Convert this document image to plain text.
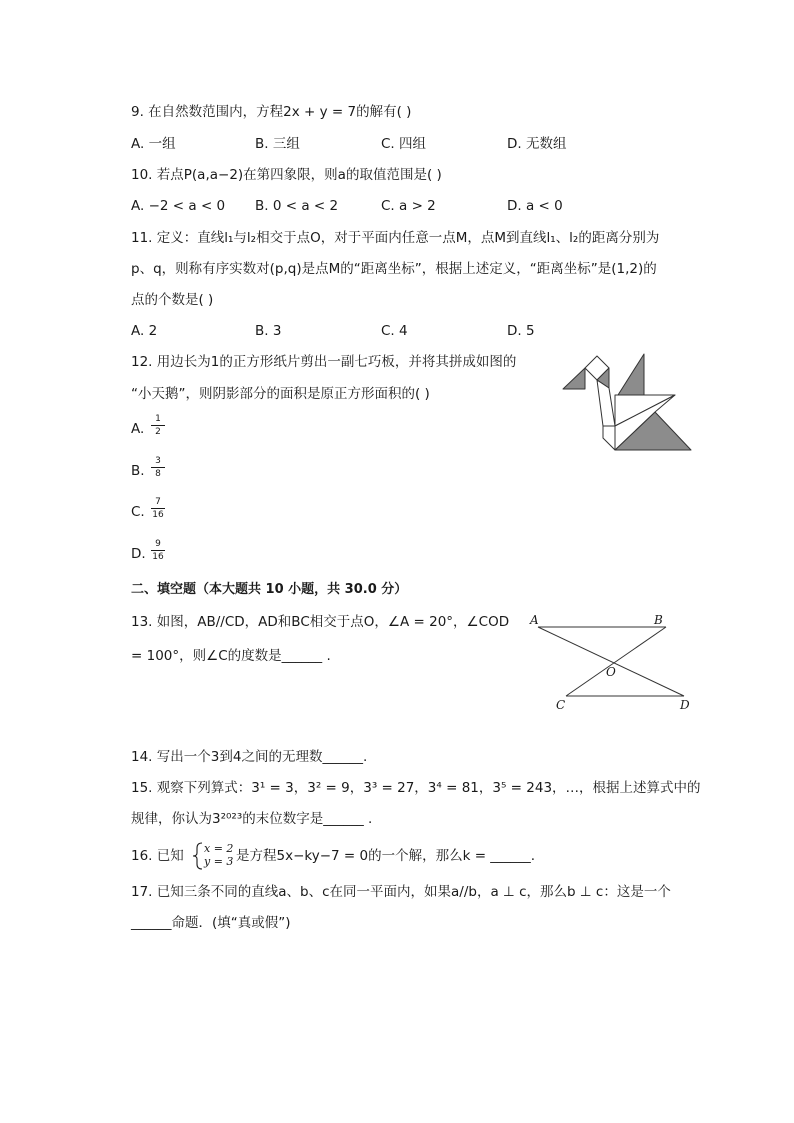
9. 在自然数范围内，方程2x + y = 7的解有( )
A. 一组	B. 三组	C. 四组	D. 无数组
10. 若点P(a,a−2)在第四象限，则a的取值范围是( )
A. −2 < a < 0 B. 0 < a < 2	C. a > 2	D. a < 0
11. 定义：直线l₁与l₂相交于点O，对于平面内任意一点M，点M到直线l₁、l₂的距离分别为
p、q，则称有序实数对(p,q)是点M的“距离坐标”，根据上述定义，“距离坐标”是(1,2)的
点的个数是( )
A. 2	B. 3	C. 4	D. 5
12. 用边长为1的正方形纸片剪出一副七巧板，并将其拼成如图的
“小天鹅”，则阴影部分的面积是原正方形面积的( )
A.
1
2
B.
3
8
C.
7
16
D.
9
16
二、填空题（本大题共 10 小题，共 30.0 分）
13. 如图，AB//CD，AD和BC相交于点O，∠A = 20°，∠COD
= 100°，则∠C的度数是______ .
A	B
O
C	D
14. 写出一个3到4之间的无理数______.
15. 观察下列算式：3¹ = 3，3² = 9，3³ = 27，3⁴ = 81，3⁵ = 243，…，根据上述算式中的
规律，你认为3²⁰²³的末位数字是______ .
16. 已知 x = 2
y = 3 是方程5x−ky−7 = 0的一个解，那么k = ______.
17. 已知三条不同的直线a、b、c在同一平面内，如果a//b，a ⊥ c，那么b ⊥ c：这是一个
______命题．(填“真或假”)
